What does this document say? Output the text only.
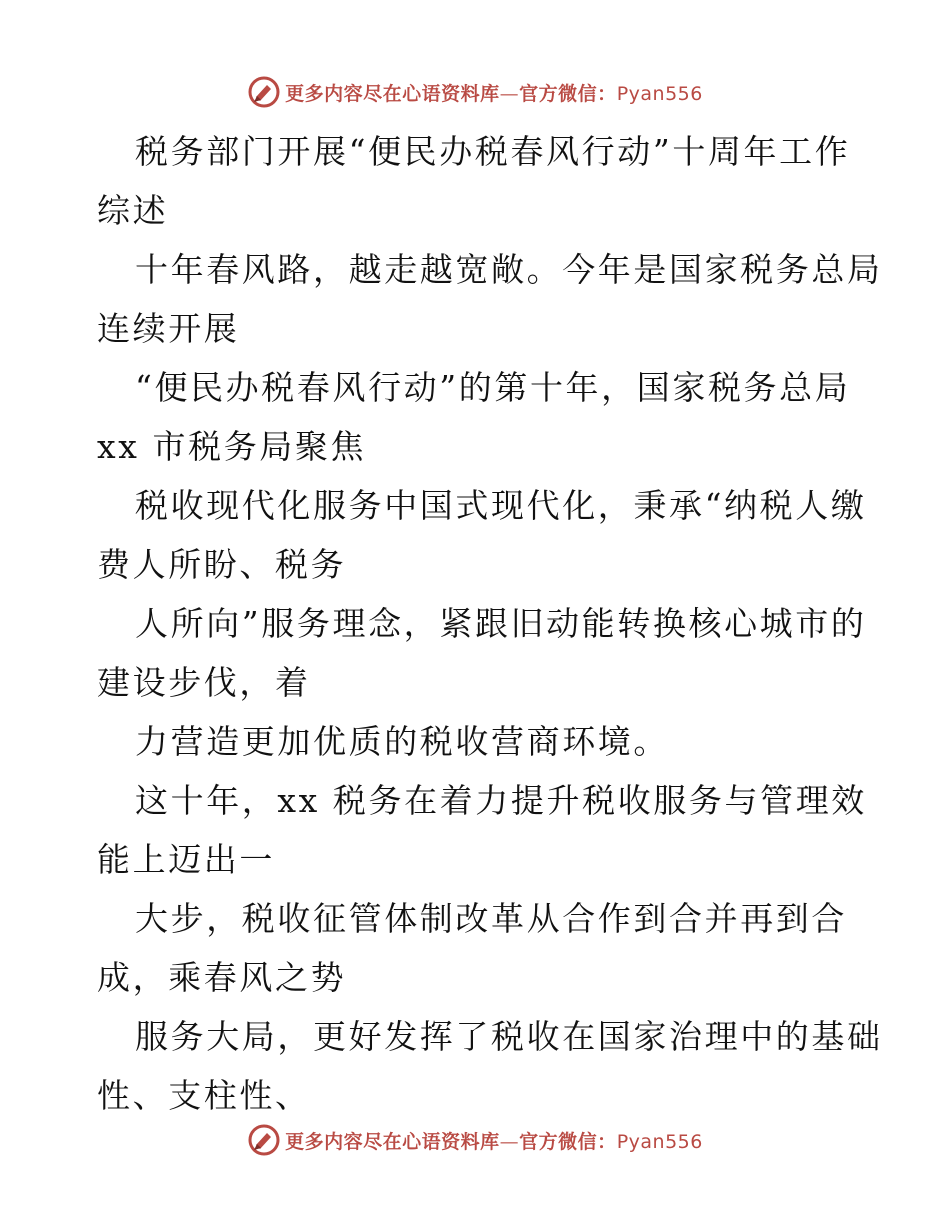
更多内容尽在心语资料库—官方微信：Pyan556
税务部门开展“便民办税春风行动”十周年工作
综述
十年春风路，越走越宽敞。今年是国家税务总局
连续开展
“便民办税春风行动”的第十年，国家税务总局
xx 市税务局聚焦
税收现代化服务中国式现代化，秉承“纳税人缴
费人所盼、税务
人所向”服务理念，紧跟旧动能转换核心城市的
建设步伐，着
力营造更加优质的税收营商环境。
这十年，xx 税务在着力提升税收服务与管理效
能上迈出一
大步，税收征管体制改革从合作到合并再到合
成，乘春风之势
服务大局，更好发挥了税收在国家治理中的基础
性、支柱性、
更多内容尽在心语资料库—官方微信：Pyan556
